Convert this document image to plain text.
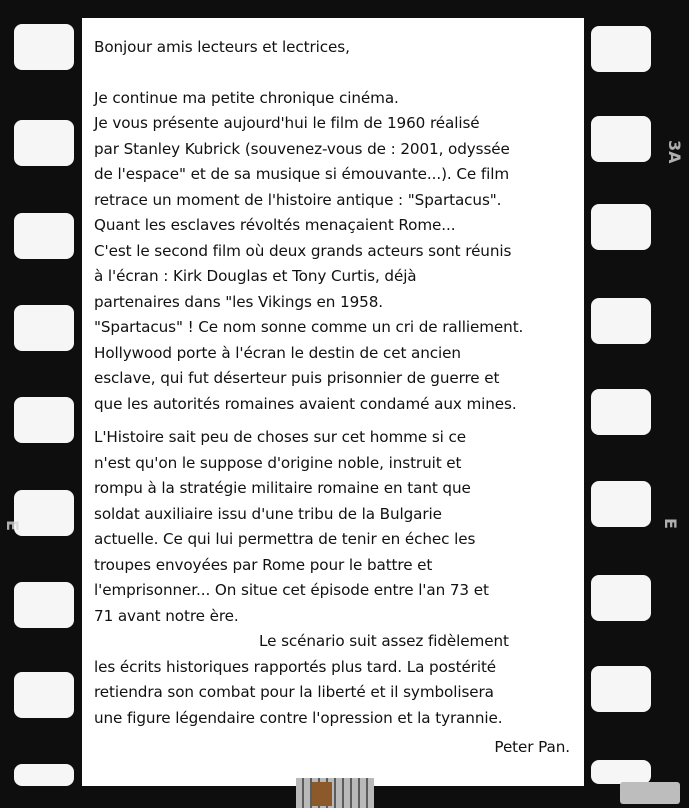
E
3A
E

Bonjour amis lecteurs et lectrices,

Je continue ma petite chronique cinéma.
Je vous présente aujourd'hui le film de 1960 réalisé
par Stanley Kubrick (souvenez-vous de : 2001, odyssée
de l'espace" et de sa musique si émouvante...). Ce film
retrace un moment de l'histoire antique : "Spartacus".
Quant les esclaves révoltés menaçaient Rome...
C'est le second film où deux grands acteurs sont réunis
à l'écran : Kirk Douglas et Tony Curtis, déjà
partenaires dans "les Vikings en 1958.
"Spartacus" ! Ce nom sonne comme un cri de ralliement.
Hollywood porte à l'écran le destin de cet ancien
esclave, qui fut déserteur puis prisonnier de guerre et
que les autorités romaines avaient condamé aux mines.

L'Histoire sait peu de choses sur cet homme si ce
n'est qu'on le suppose d'origine noble, instruit et
rompu à la stratégie militaire romaine en tant que
soldat auxiliaire issu d'une tribu de la Bulgarie
actuelle. Ce qui lui permettra de tenir en échec les
troupes envoyées par Rome pour le battre et
l'emprisonner... On situe cet épisode entre l'an 73 et
71 avant notre ère.

Le scénario suit assez fidèlement

les écrits historiques rapportés plus tard. La postérité
retiendra son combat pour la liberté et il symbolisera
une figure légendaire contre l'opression et la tyrannie.

Peter Pan.
